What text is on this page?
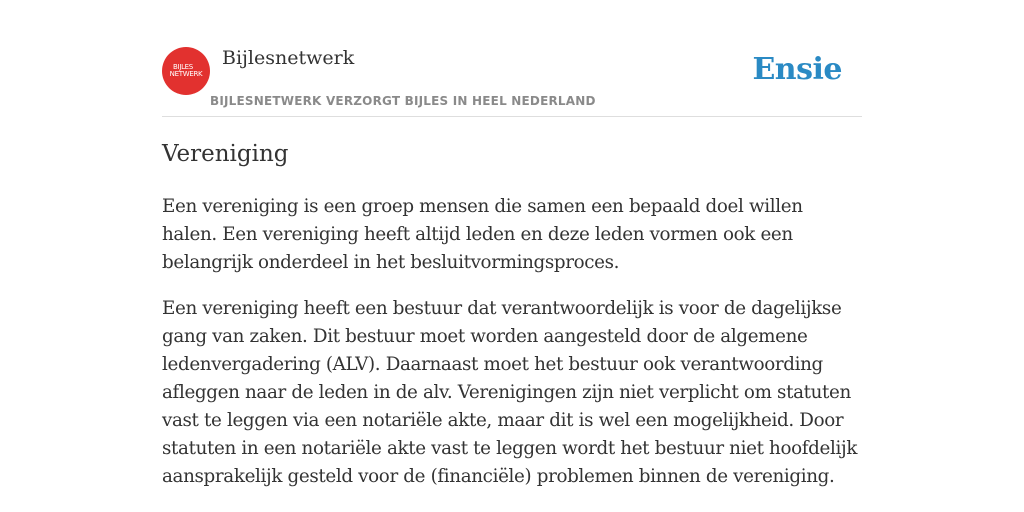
BIJLES
NETWERK
Bijlesnetwerk
BIJLESNETWERK VERZORGT BIJLES IN HEEL NEDERLAND
Ensie
Vereniging

Een vereniging is een groep mensen die samen een bepaald doel willen halen. Een vereniging heeft altijd leden en deze leden vormen ook een belangrijk onderdeel in het besluitvormingsproces.

Een vereniging heeft een bestuur dat verantwoordelijk is voor de dagelijkse gang van zaken. Dit bestuur moet worden aangesteld door de algemene ledenvergadering (ALV). Daarnaast moet het bestuur ook verantwoording afleggen naar de leden in de alv. Verenigingen zijn niet verplicht om statuten vast te leggen via een notariële akte, maar dit is wel een mogelijkheid. Door statuten in een notariële akte vast te leggen wordt het bestuur niet hoofdelijk aansprakelijk gesteld voor de (financiële) problemen binnen de vereniging.
